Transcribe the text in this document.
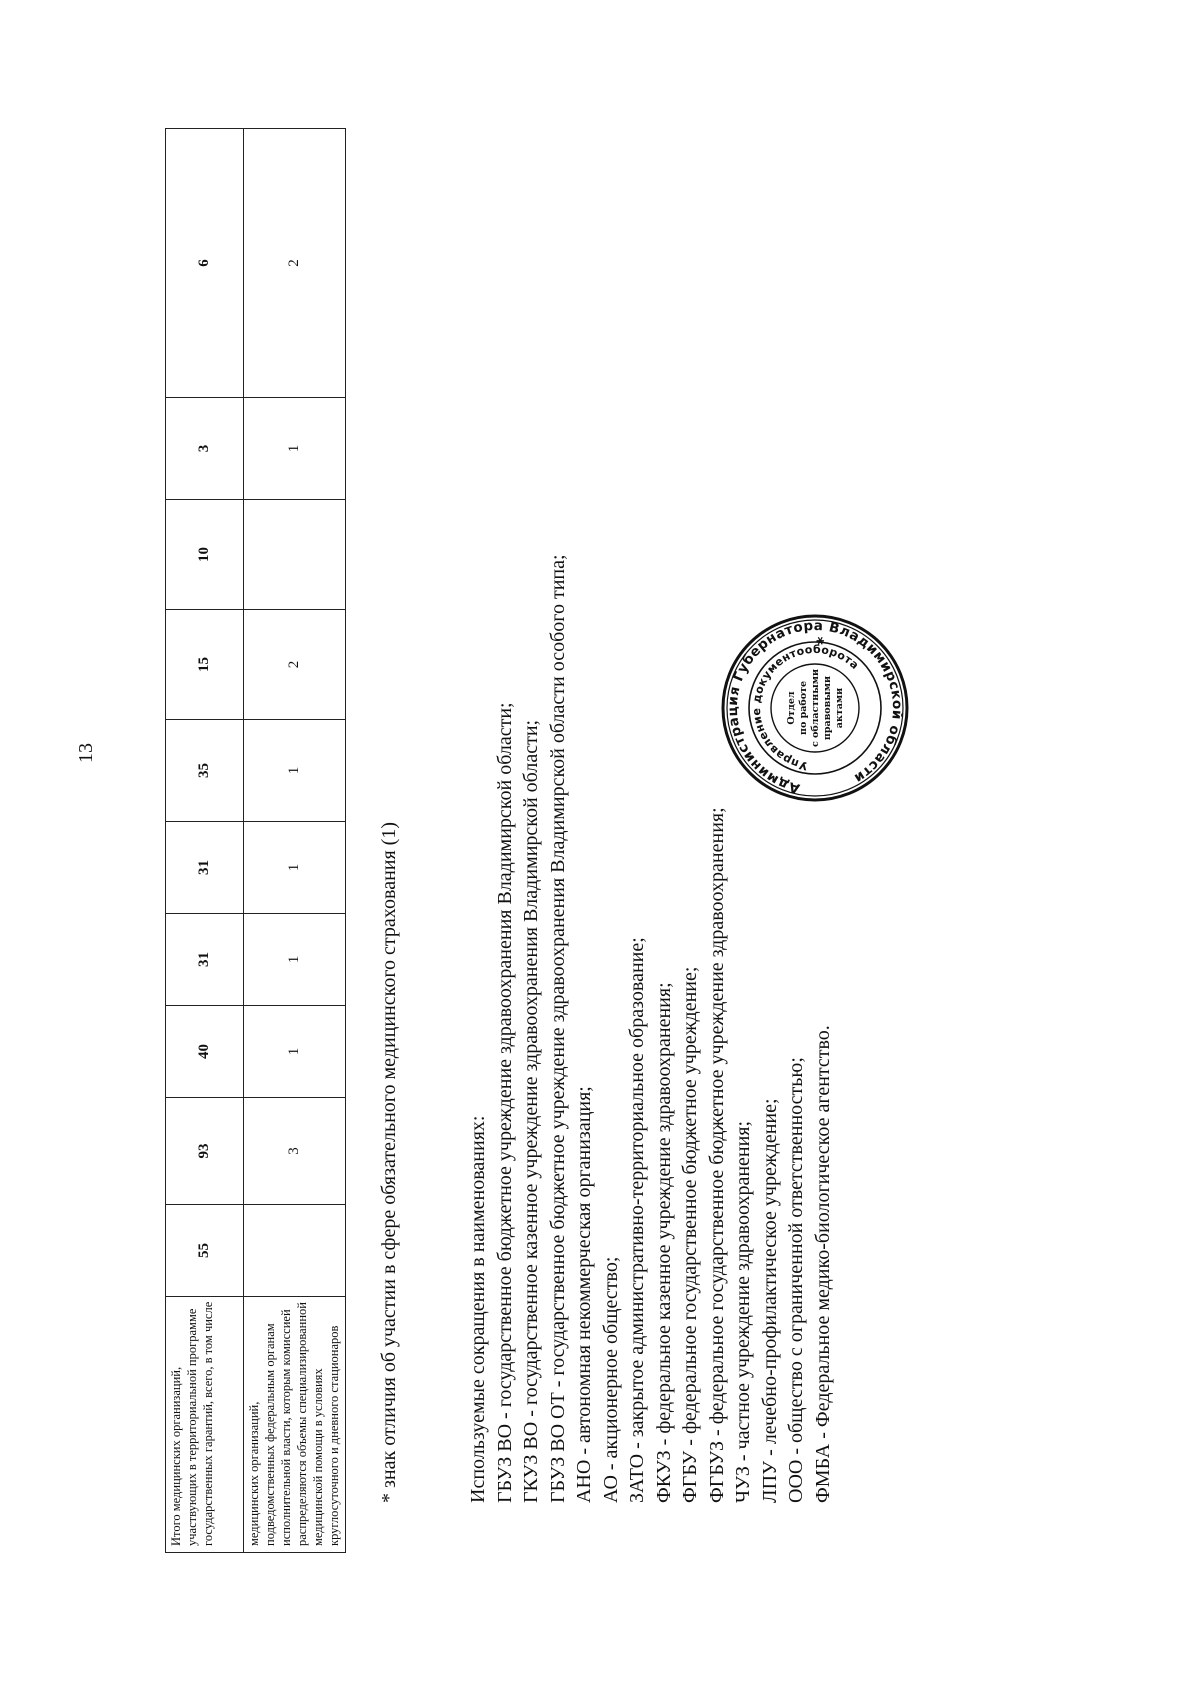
13
Итого медицинских организаций, участвующих в территориальной программе государственных гарантий, всего, в том числе	55	93	40	31	31	35	15	10	3	6
медицинских организаций, подведомственных федеральным органам исполнительной власти, которым комиссией распределяются объемы специализированной медицинской помощи в условиях круглосуточного и дневного стационаров		3	1	1	1	1	2		1	2
* знак отличия об участии в сфере обязательного медицинского страхования (1)	Используемые сокращения в наименованиях: ГБУЗ ВО - государственное бюджетное учреждение здравоохранения Владимирской области; ГКУЗ ВО - государственное казенное учреждение здравоохранения Владимирской области; ГБУЗ ВО ОТ - государственное бюджетное учреждение здравоохранения Владимирской области особого типа; АНО - автономная некоммерческая организация; АО - акционерное общество; ЗАТО - закрытое административно-территориальное образование; ФКУЗ - федеральное казенное учреждение здравоохранения; ФГБУ - федеральное государственное бюджетное учреждение; ФГБУЗ - федеральное государственное бюджетное учреждение здравоохранения; ЧУЗ - частное учреждение здравоохранения; ЛПУ - лечебно-профилактическое учреждение; ООО - общество с ограниченной ответственностью; ФМБА - Федеральное медико-биологическое агентство.
Администрация Губернатора Владимирской области
Управление документооборота
*
Отдел по работе с областными правовыми актами
